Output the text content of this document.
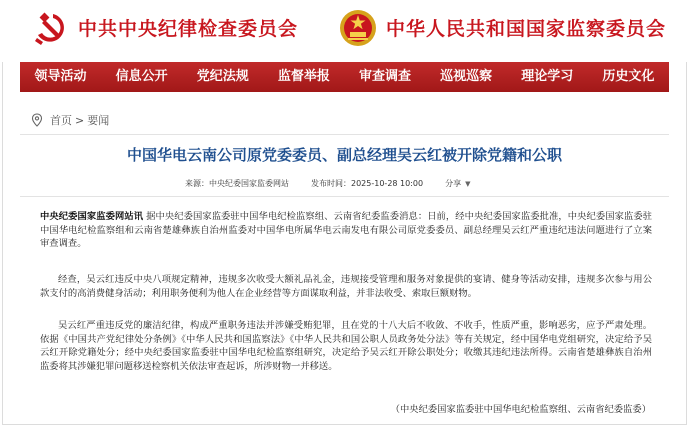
中共中央纪律检查委员会	中华人民共和国国家监察委员会
领导活动	信息公开	党纪法规	监督举报	审查调查	巡视巡察	理论学习	历史文化
首页 > 要闻
中国华电云南公司原党委委员、副总经理吴云红被开除党籍和公职
来源： 中央纪委国家监委网站	发布时间： 2025-10-28 10:00	分享 ▼
中央纪委国家监委网站讯 据中央纪委国家监委驻中国华电纪检监察组、云南省纪委监委消息：日前，经中央纪委国家监委批准，中央纪委国家监委驻中国华电纪检监察组和云南省楚雄彝族自治州监委对中国华电所属华电云南发电有限公司原党委委员、副总经理吴云红严重违纪违法问题进行了立案审查调查。
经查，吴云红违反中央八项规定精神，违规多次收受大额礼品礼金，违规接受管理和服务对象提供的宴请、健身等活动安排，违规多次参与用公款支付的高消费健身活动；利用职务便利为他人在企业经营等方面谋取利益，并非法收受、索取巨额财物。
吴云红严重违反党的廉洁纪律，构成严重职务违法并涉嫌受贿犯罪，且在党的十八大后不收敛、不收手，性质严重，影响恶劣，应予严肃处理。依据《中国共产党纪律处分条例》《中华人民共和国监察法》《中华人民共和国公职人员政务处分法》等有关规定，经中国华电党组研究，决定给予吴云红开除党籍处分；经中央纪委国家监委驻中国华电纪检监察组研究，决定给予吴云红开除公职处分；收缴其违纪违法所得。云南省楚雄彝族自治州监委将其涉嫌犯罪问题移送检察机关依法审查起诉，所涉财物一并移送。
（中央纪委国家监委驻中国华电纪检监察组、云南省纪委监委）
